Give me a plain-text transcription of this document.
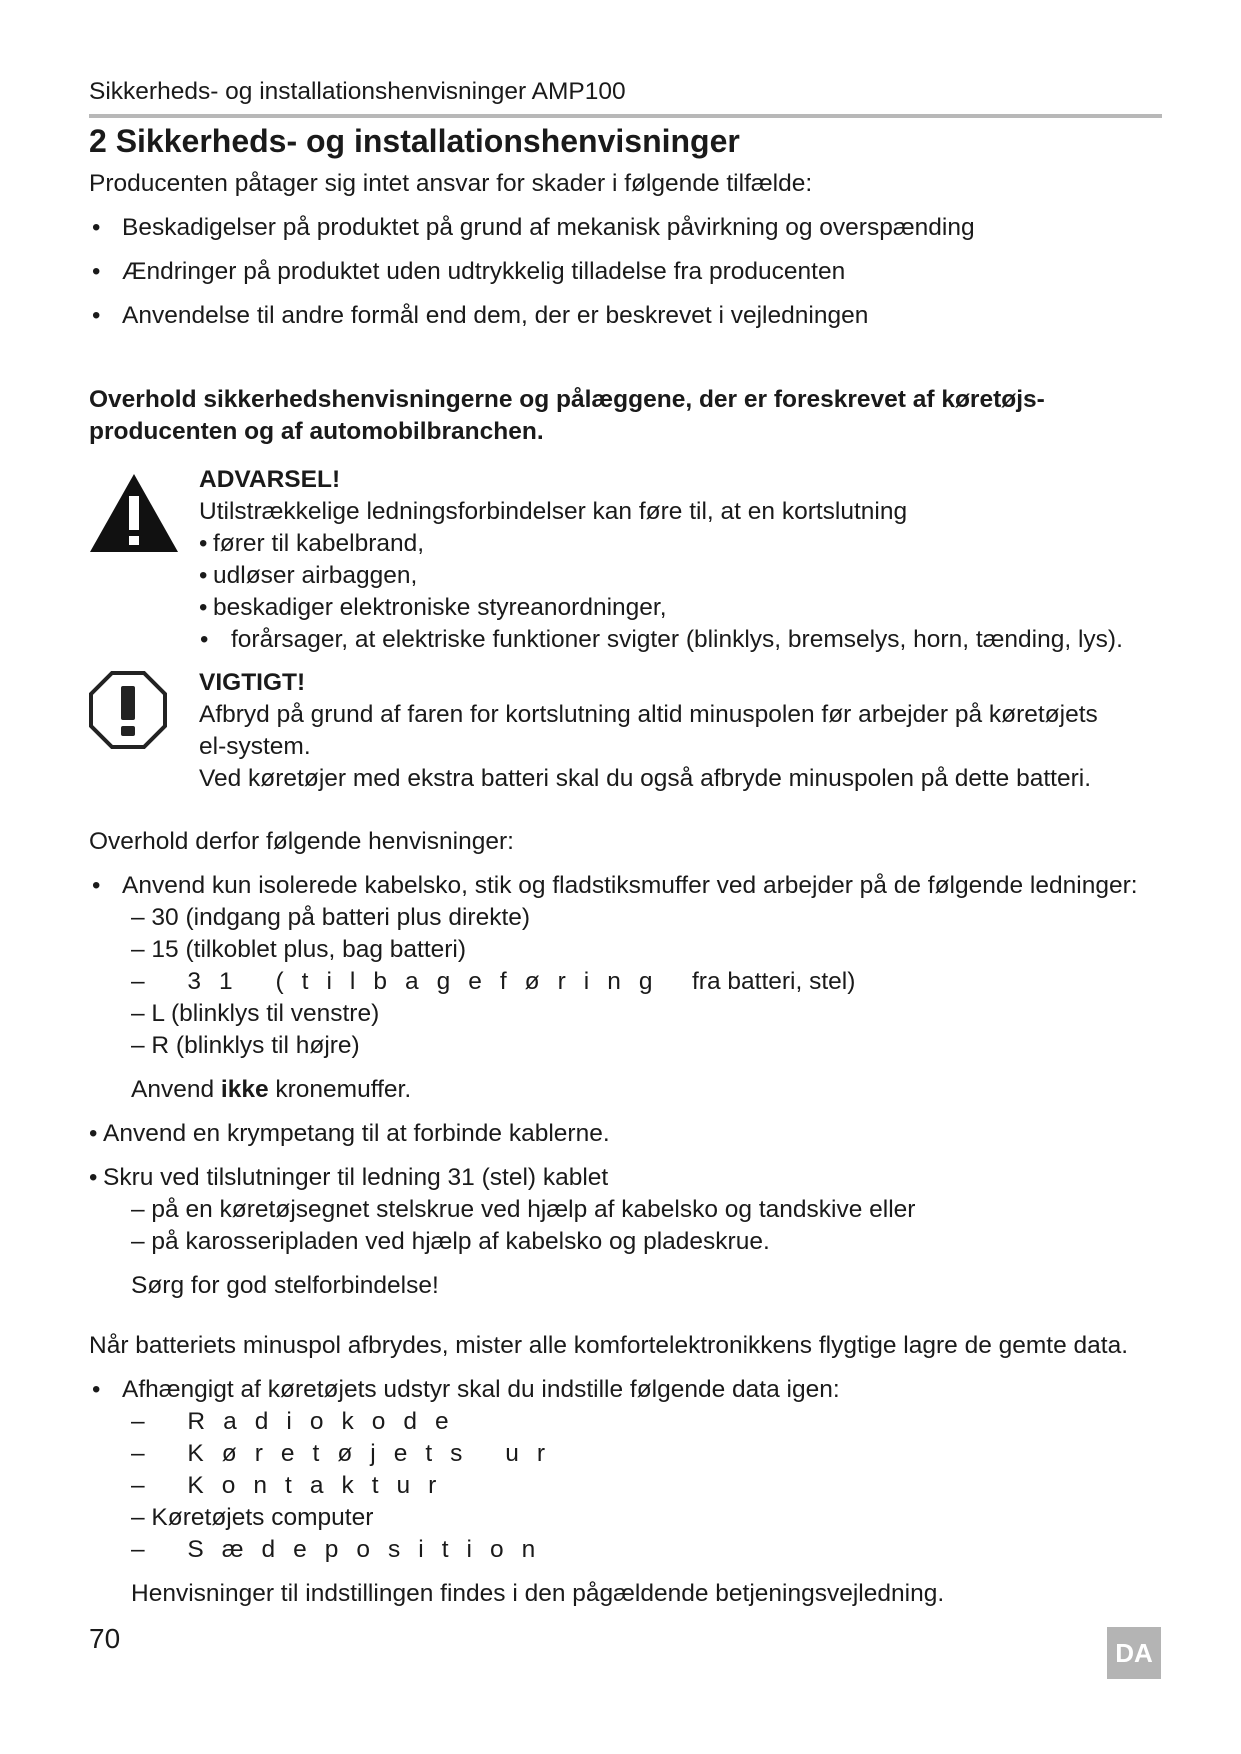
Sikkerheds- og installationshenvisninger AMP100
2 Sikkerheds- og installationshenvisninger
Producenten påtager sig intet ansvar for skader i følgende tilfælde:
• Beskadigelser på produktet på grund af mekanisk påvirkning og overspænding
• Ændringer på produktet uden udtrykkelig tilladelse fra producenten
• Anvendelse til andre formål end dem, der er beskrevet i vejledningen
Overhold sikkerhedshenvisningerne og pålæggene, der er foreskrevet af køretøjs-
producenten og af automobilbranchen.
ADVARSEL!
Utilstrækkelige ledningsforbindelser kan føre til, at en kortslutning
• fører til kabelbrand,
• udløser airbaggen,
• beskadiger elektroniske styreanordninger,
• forårsager, at elektriske funktioner svigter (blinklys, bremselys, horn, tænding, lys).
VIGTIGT!
Afbryd på grund af faren for kortslutning altid minuspolen før arbejder på køretøjets
el-system.
Ved køretøjer med ekstra batteri skal du også afbryde minuspolen på dette batteri.
Overhold derfor følgende henvisninger:
• Anvend kun isolerede kabelsko, stik og fladstiksmuffer ved arbejder på de følgende ledninger:
– 30 (indgang på batteri plus direkte)
– 15 (tilkoblet plus, bag batteri)
– 31 (tilbageføring fra batteri, stel)
– L (blinklys til venstre)
– R (blinklys til højre)
Anvend ikke kronemuffer.
• Anvend en krympetang til at forbinde kablerne.
• Skru ved tilslutninger til ledning 31 (stel) kablet
– på en køretøjsegnet stelskrue ved hjælp af kabelsko og tandskive eller
– på karosseripladen ved hjælp af kabelsko og pladeskrue.
Sørg for god stelforbindelse!
Når batteriets minuspol afbrydes, mister alle komfortelektronikkens flygtige lagre de gemte data.
• Afhængigt af køretøjets udstyr skal du indstille følgende data igen:
– Radiokode
– Køretøjets ur
– Kontaktur
– Køretøjets computer
– Sædeposition
Henvisninger til indstillingen findes i den pågældende betjeningsvejledning.
70	DA
